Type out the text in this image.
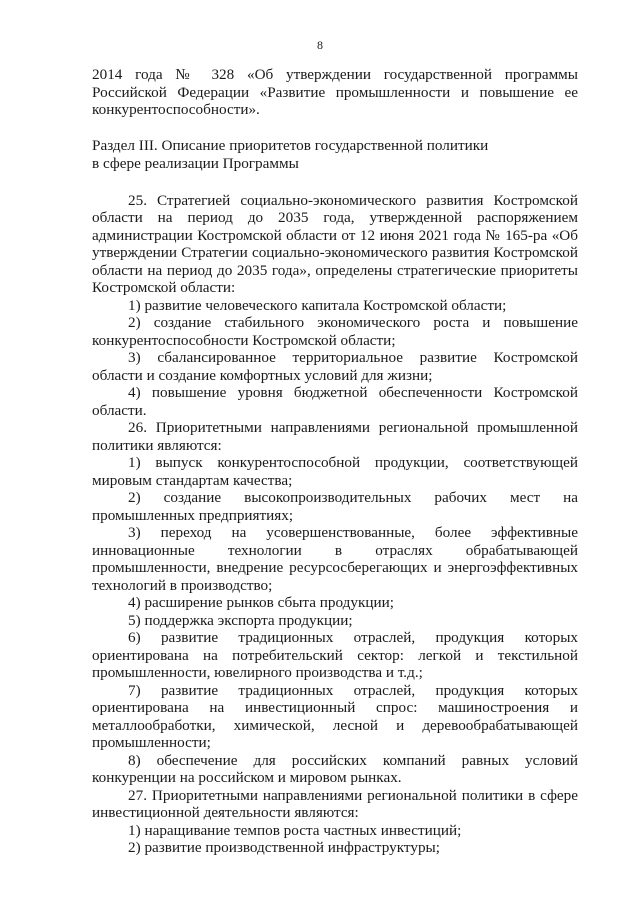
8

2014 года № 328 «Об утверждении государственной программы Российской Федерации «Развитие промышленности и повышение ее конкурентоспособности».

Раздел III. Описание приоритетов государственной политики
в сфере реализации Программы

25. Стратегией социально-экономического развития Костромской области на период до 2035 года, утвержденной распоряжением администрации Костромской области от 12 июня 2021 года № 165-ра «Об утверждении Стратегии социально-экономического развития Костромской области на период до 2035 года», определены стратегические приоритеты Костромской области:

1) развитие человеческого капитала Костромской области;

2) создание стабильного экономического роста и повышение конкурентоспособности Костромской области;

3) сбалансированное территориальное развитие Костромской области и создание комфортных условий для жизни;

4) повышение уровня бюджетной обеспеченности Костромской области.

26. Приоритетными направлениями региональной промышленной политики являются:

1) выпуск конкурентоспособной продукции, соответствующей мировым стандартам качества;

2) создание высокопроизводительных рабочих мест на промышленных предприятиях;

3) переход на усовершенствованные, более эффективные инновационные технологии в отраслях обрабатывающей промышленности, внедрение ресурсосберегающих и энергоэффективных технологий в производство;

4) расширение рынков сбыта продукции;

5) поддержка экспорта продукции;

6) развитие традиционных отраслей, продукция которых ориентирована на потребительский сектор: легкой и текстильной промышленности, ювелирного производства и т.д.;

7) развитие традиционных отраслей, продукция которых ориентирована на инвестиционный спрос: машиностроения и металлообработки, химической, лесной и деревообрабатывающей промышленности;

8) обеспечение для российских компаний равных условий конкуренции на российском и мировом рынках.

27. Приоритетными направлениями региональной политики в сфере инвестиционной деятельности являются:

1) наращивание темпов роста частных инвестиций;

2) развитие производственной инфраструктуры;
